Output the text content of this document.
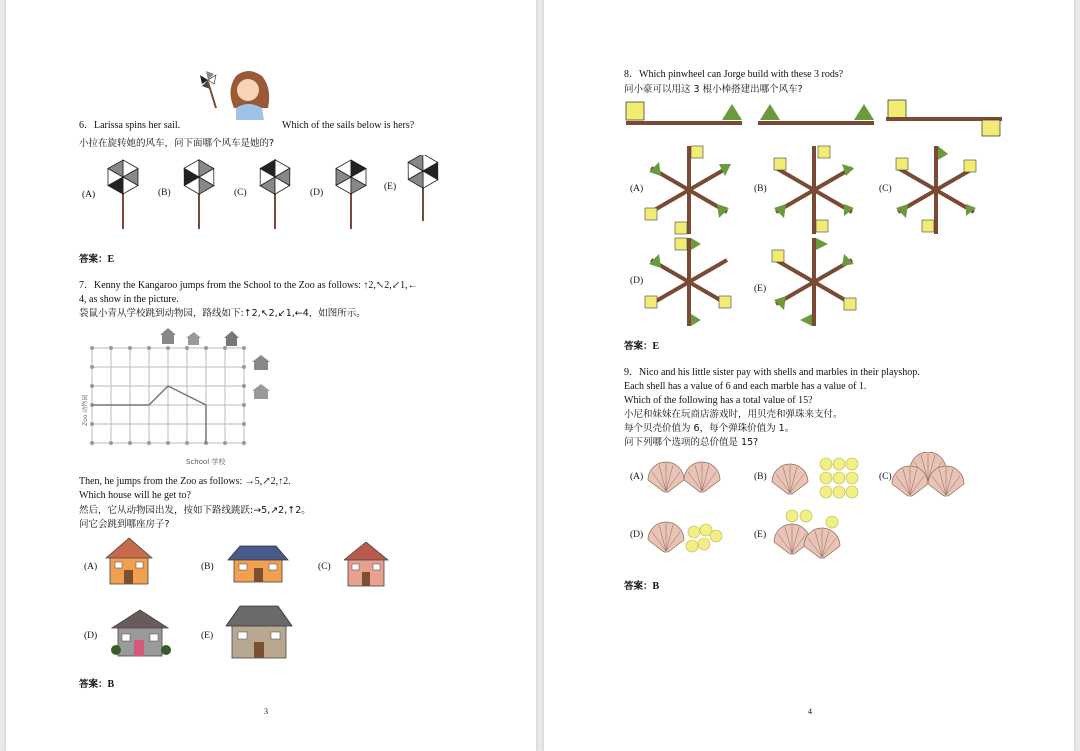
6．Larissa spins her sail.	Which of the sails below is hers?
小拉在旋转她的风车，问下面哪个风车是她的?
(A)	(B)	(C)	(D)
(E)
答案：E
7．Kenny the Kangaroo jumps from the School to the Zoo as follows: ↑2,↖2,↙1,←
4, as show in the picture.
袋鼠小青从学校跳到动物园，路线如下:↑2,↖2,↙1,←4，如图所示。
School 学校
Zoo 动物园
Then, he jumps from the Zoo as follows: →5,↗2,↑2.
Which house will he get to?
然后，它从动物园出发，按如下路线跳跃:→5,↗2,↑2。
问它会跳到哪座房子?
(A)	(B)	(C)
(D)	(E)
答案：B
3
8．Which pinwheel can Jorge build with these 3 rods?
问小豪可以用这 3 根小棒搭建出哪个风车?
(A)	(B)	(C)
(D)
(E)
答案：E
9．Nico and his little sister pay with shells and marbles in their playshop.
Each shell has a value of 6 and each marble has a value of 1.
Which of the following has a total value of 15?
小尼和妹妹在玩商店游戏时，用贝壳和弹珠来支付。
每个贝壳价值为 6，每个弹珠价值为 1。
问下列哪个选项的总价值是 15?
(A)	(B)	(C)
(D)	(E)
答案：B
4
